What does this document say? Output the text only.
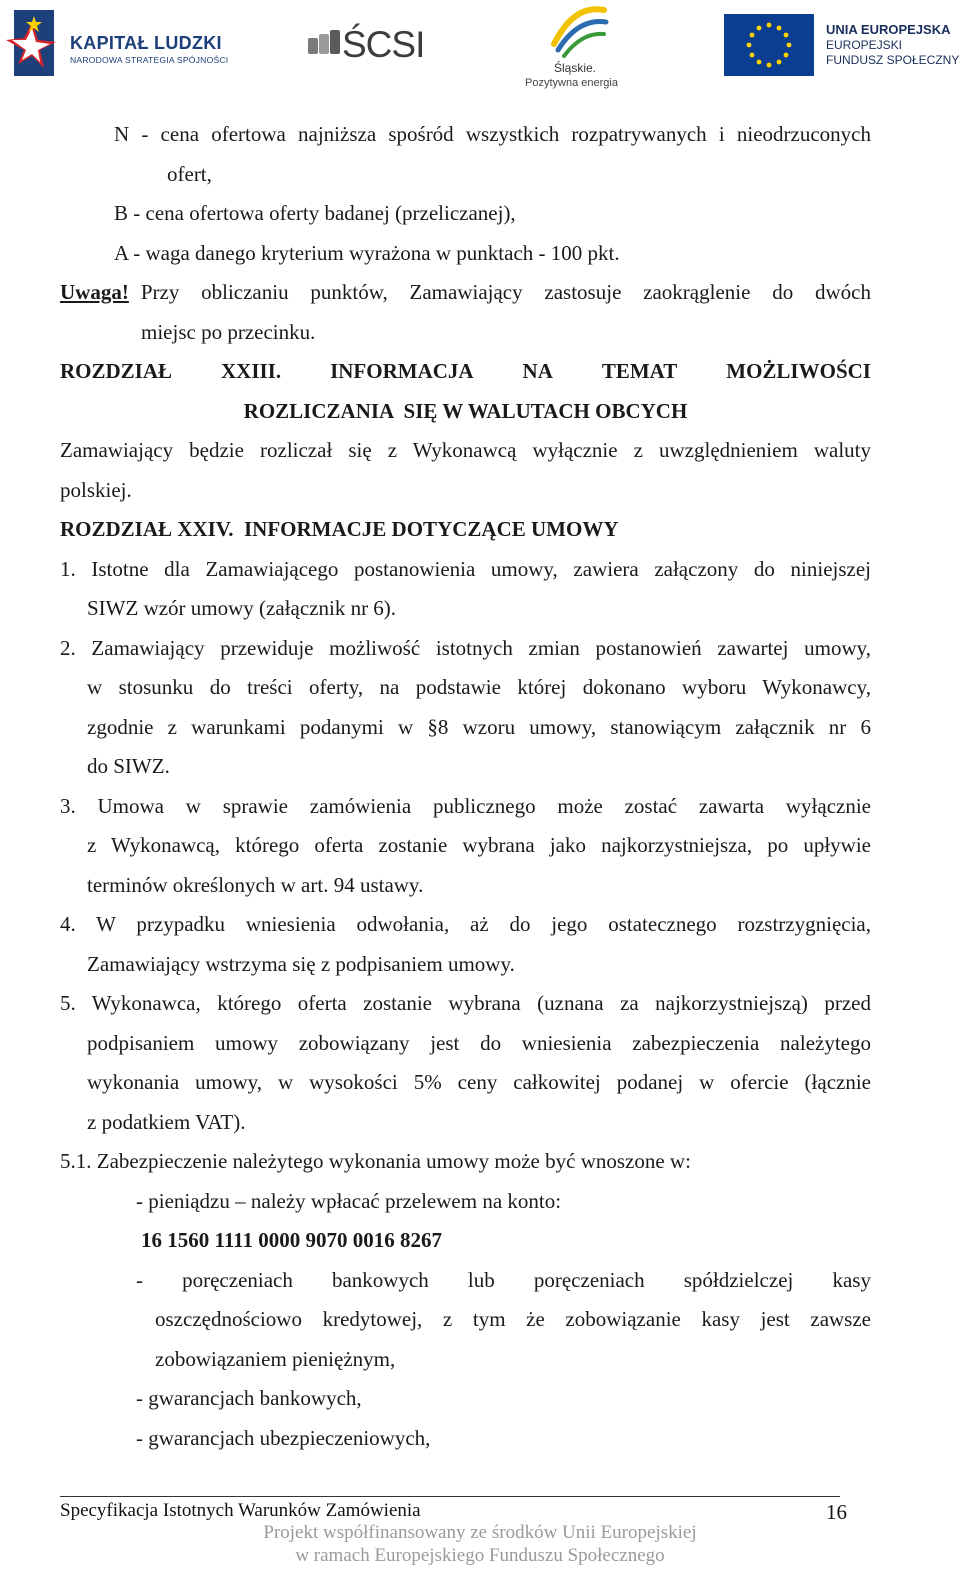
KAPITAŁ LUDZKI
NARODOWA STRATEGIA SPÓJNOŚCI	ŚCSI
Śląskie.
Pozytywna energia
UNIA EUROPEJSKA
EUROPEJSKI
FUNDUSZ SPOŁECZNY
N - cena ofertowa najniższa spośród wszystkich rozpatrywanych i nieodrzuconych
ofert,
B - cena ofertowa oferty badanej (przeliczanej),
A - waga danego kryterium wyrażona w punktach - 100 pkt.
Uwaga! Przy obliczaniu punktów, Zamawiający zastosuje zaokrąglenie do dwóch
miejsc po przecinku.
ROZDZIAŁ XXIII. INFORMACJA NA TEMAT MOŻLIWOŚCI
ROZLICZANIA  SIĘ W WALUTACH OBCYCH
Zamawiający będzie rozliczał się z Wykonawcą wyłącznie z uwzględnieniem waluty
polskiej.
ROZDZIAŁ XXIV.  INFORMACJE DOTYCZĄCE UMOWY
1. Istotne dla Zamawiającego postanowienia umowy, zawiera załączony do niniejszej
SIWZ wzór umowy (załącznik nr 6).
2. Zamawiający przewiduje możliwość istotnych zmian postanowień zawartej umowy,
w stosunku do treści oferty, na podstawie której dokonano wyboru Wykonawcy,
zgodnie z warunkami podanymi w §8 wzoru umowy, stanowiącym załącznik nr 6
do SIWZ.
3. Umowa w sprawie zamówienia publicznego może zostać zawarta wyłącznie
z Wykonawcą, którego oferta zostanie wybrana jako najkorzystniejsza, po upływie
terminów określonych w art. 94 ustawy.
4. W przypadku wniesienia odwołania, aż do jego ostatecznego rozstrzygnięcia,
Zamawiający wstrzyma się z podpisaniem umowy.
5. Wykonawca, którego oferta zostanie wybrana (uznana za najkorzystniejszą) przed
podpisaniem umowy zobowiązany jest do wniesienia zabezpieczenia należytego
wykonania umowy, w wysokości 5% ceny całkowitej podanej w ofercie (łącznie
z podatkiem VAT).
5.1. Zabezpieczenie należytego wykonania umowy może być wnoszone w:
- pieniądzu – należy wpłacać przelewem na konto:
16 1560 1111 0000 9070 0016 8267
- poręczeniach bankowych lub poręczeniach spółdzielczej kasy
oszczędnościowo kredytowej, z tym że zobowiązanie kasy jest zawsze
zobowiązaniem pieniężnym,
- gwarancjach bankowych,
- gwarancjach ubezpieczeniowych,
Specyfikacja Istotnych Warunków Zamówienia	16
Projekt współfinansowany ze środków Unii Europejskiej
w ramach Europejskiego Funduszu Społecznego
